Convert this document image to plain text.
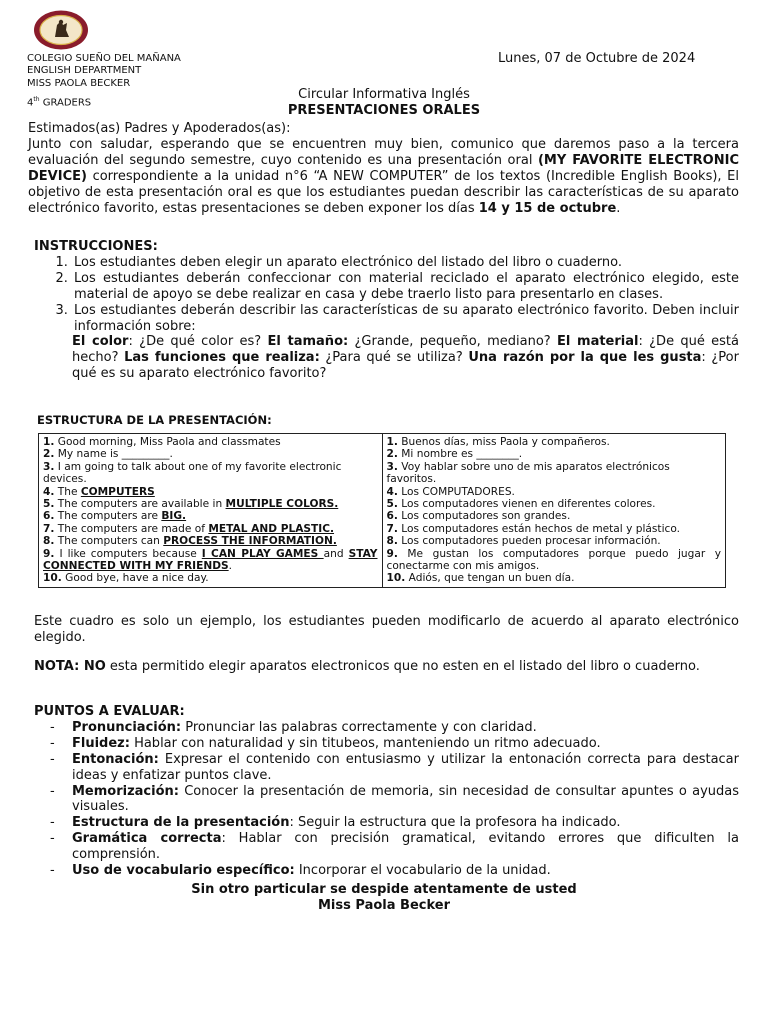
COLEGIO SUEÑO DEL MAÑANA
ENGLISH DEPARTMENT
MISS PAOLA BECKER
4th GRADERS
Lunes, 07 de Octubre de 2024
Circular Informativa Inglés
PRESENTACIONES ORALES
Estimados(as) Padres y Apoderados(as):
Junto con saludar, esperando que se encuentren muy bien, comunico que daremos paso a la tercera evaluación del segundo semestre, cuyo contenido es una presentación oral (MY FAVORITE ELECTRONIC DEVICE) correspondiente a la unidad n°6 “A NEW COMPUTER” de los textos (Incredible English Books), El objetivo de esta presentación oral es que los estudiantes puedan describir las características de su aparato electrónico favorito, estas presentaciones se deben exponer los días 14 y 15 de octubre.
INSTRUCCIONES:
1. Los estudiantes deben elegir un aparato electrónico del listado del libro o cuaderno.
2. Los estudiantes deberán confeccionar con material reciclado el aparato electrónico elegido, este material de apoyo se debe realizar en casa y debe traerlo listo para presentarlo en clases.
3. Los estudiantes deberán describir las características de su aparato electrónico favorito. Deben incluir información sobre:
El color: ¿De qué color es? El tamaño: ¿Grande, pequeño, mediano? El material: ¿De qué está hecho? Las funciones que realiza: ¿Para qué se utiliza? Una razón por la que les gusta: ¿Por qué es su aparato electrónico favorito?
ESTRUCTURA DE LA PRESENTACIÓN:
1. Good morning, Miss Paola and classmates
2. My name is _________.
3. I am going to talk about one of my favorite electronic devices.
4. The COMPUTERS
5. The computers are available in MULTIPLE COLORS.
6. The computers are BIG.
7. The computers are made of METAL AND PLASTIC.
8. The computers can PROCESS THE INFORMATION.
9. I like computers because I CAN PLAY GAMES and STAY CONNECTED WITH MY FRIENDS.
10. Good bye, have a nice day.

1. Buenos días, miss Paola y compañeros.
2. Mi nombre es ________.
3. Voy hablar sobre uno de mis aparatos electrónicos favoritos.
4. Los COMPUTADORES.
5. Los computadores vienen en diferentes colores.
6. Los computadores son grandes.
7. Los computadores están hechos de metal y plástico.
8. Los computadores pueden procesar información.
9. Me gustan los computadores porque puedo jugar y conectarme con mis amigos.
10. Adiós, que tengan un buen día.
Este cuadro es solo un ejemplo, los estudiantes pueden modificarlo de acuerdo al aparato electrónico elegido.
NOTA: NO esta permitido elegir aparatos electronicos que no esten en el listado del libro o cuaderno.
PUNTOS A EVALUAR:
- Pronunciación: Pronunciar las palabras correctamente y con claridad.
- Fluidez: Hablar con naturalidad y sin titubeos, manteniendo un ritmo adecuado.
- Entonación: Expresar el contenido con entusiasmo y utilizar la entonación correcta para destacar ideas y enfatizar puntos clave.
- Memorización: Conocer la presentación de memoria, sin necesidad de consultar apuntes o ayudas visuales.
- Estructura de la presentación: Seguir la estructura que la profesora ha indicado.
- Gramática correcta: Hablar con precisión gramatical, evitando errores que dificulten la comprensión.
- Uso de vocabulario específico: Incorporar el vocabulario de la unidad.
Sin otro particular se despide atentamente de usted
Miss Paola Becker
